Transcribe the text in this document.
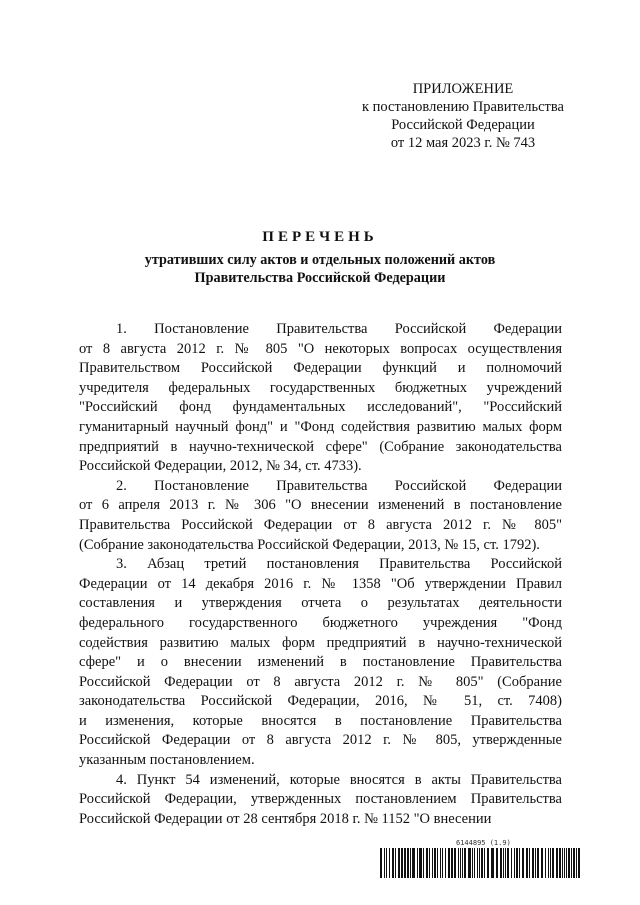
ПРИЛОЖЕНИЕ
к постановлению Правительства
Российской Федерации
от 12 мая 2023 г. № 743
ПЕРЕЧЕНЬ
утративших силу актов и отдельных положений актов
Правительства Российской Федерации
1. Постановление Правительства Российской Федерации
от 8 августа 2012 г. № 805 "О некоторых вопросах осуществления
Правительством Российской Федерации функций и полномочий
учредителя федеральных государственных бюджетных учреждений
"Российский фонд фундаментальных исследований", "Российский
гуманитарный научный фонд" и "Фонд содействия развитию малых форм
предприятий в научно-технической сфере" (Собрание законодательства
Российской Федерации, 2012, № 34, ст. 4733).
2. Постановление Правительства Российской Федерации
от 6 апреля 2013 г. № 306 "О внесении изменений в постановление
Правительства Российской Федерации от 8 августа 2012 г. № 805"
(Собрание законодательства Российской Федерации, 2013, № 15, ст. 1792).
3. Абзац третий постановления Правительства Российской
Федерации от 14 декабря 2016 г. № 1358 "Об утверждении Правил
составления и утверждения отчета о результатах деятельности
федерального государственного бюджетного учреждения "Фонд
содействия развитию малых форм предприятий в научно-технической
сфере" и о внесении изменений в постановление Правительства
Российской Федерации от 8 августа 2012 г. № 805" (Собрание
законодательства Российской Федерации, 2016, № 51, ст. 7408)
и изменения, которые вносятся в постановление Правительства
Российской Федерации от 8 августа 2012 г. № 805, утвержденные
указанным постановлением.
4. Пункт 54 изменений, которые вносятся в акты Правительства
Российской Федерации, утвержденных постановлением Правительства
Российской Федерации от 28 сентября 2018 г. № 1152 "О внесении
6144895 (1.9)
